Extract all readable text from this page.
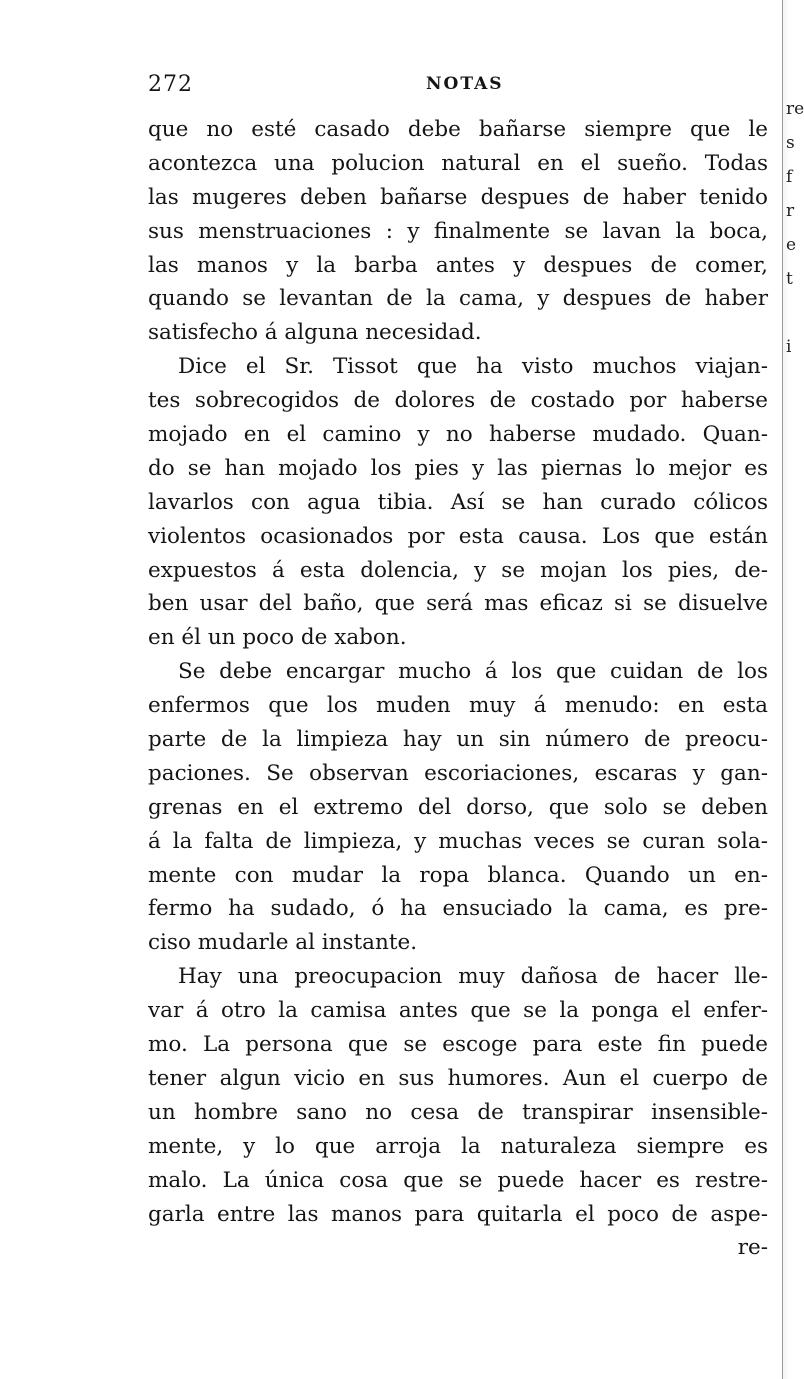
272	NOTAS
que no esté casado debe bañarse siempre que le
acontezca una polucion natural en el sueño. Todas
las mugeres deben bañarse despues de haber tenido
sus menstruaciones : y finalmente se lavan la boca,
las manos y la barba antes y despues de comer,
quando se levantan de la cama, y despues de haber
satisfecho á alguna necesidad.
Dice el Sr. Tissot que ha visto muchos viajan-
tes sobrecogidos de dolores de costado por haberse
mojado en el camino y no haberse mudado. Quan-
do se han mojado los pies y las piernas lo mejor es
lavarlos con agua tibia. Así se han curado cólicos
violentos ocasionados por esta causa. Los que están
expuestos á esta dolencia, y se mojan los pies, de-
ben usar del baño, que será mas eficaz si se disuelve
en él un poco de xabon.
Se debe encargar mucho á los que cuidan de los
enfermos que los muden muy á menudo: en esta
parte de la limpieza hay un sin número de preocu-
paciones. Se observan escoriaciones, escaras y gan-
grenas en el extremo del dorso, que solo se deben
á la falta de limpieza, y muchas veces se curan sola-
mente con mudar la ropa blanca. Quando un en-
fermo ha sudado, ó ha ensuciado la cama, es pre-
ciso mudarle al instante.
Hay una preocupacion muy dañosa de hacer lle-
var á otro la camisa antes que se la ponga el enfer-
mo. La persona que se escoge para este fin puede
tener algun vicio en sus humores. Aun el cuerpo de
un hombre sano no cesa de transpirar insensible-
mente, y lo que arroja la naturaleza siempre es
malo. La única cosa que se puede hacer es restre-
garla entre las manos para quitarla el poco de aspe-
re-
re
s
f
r
e
t
i
